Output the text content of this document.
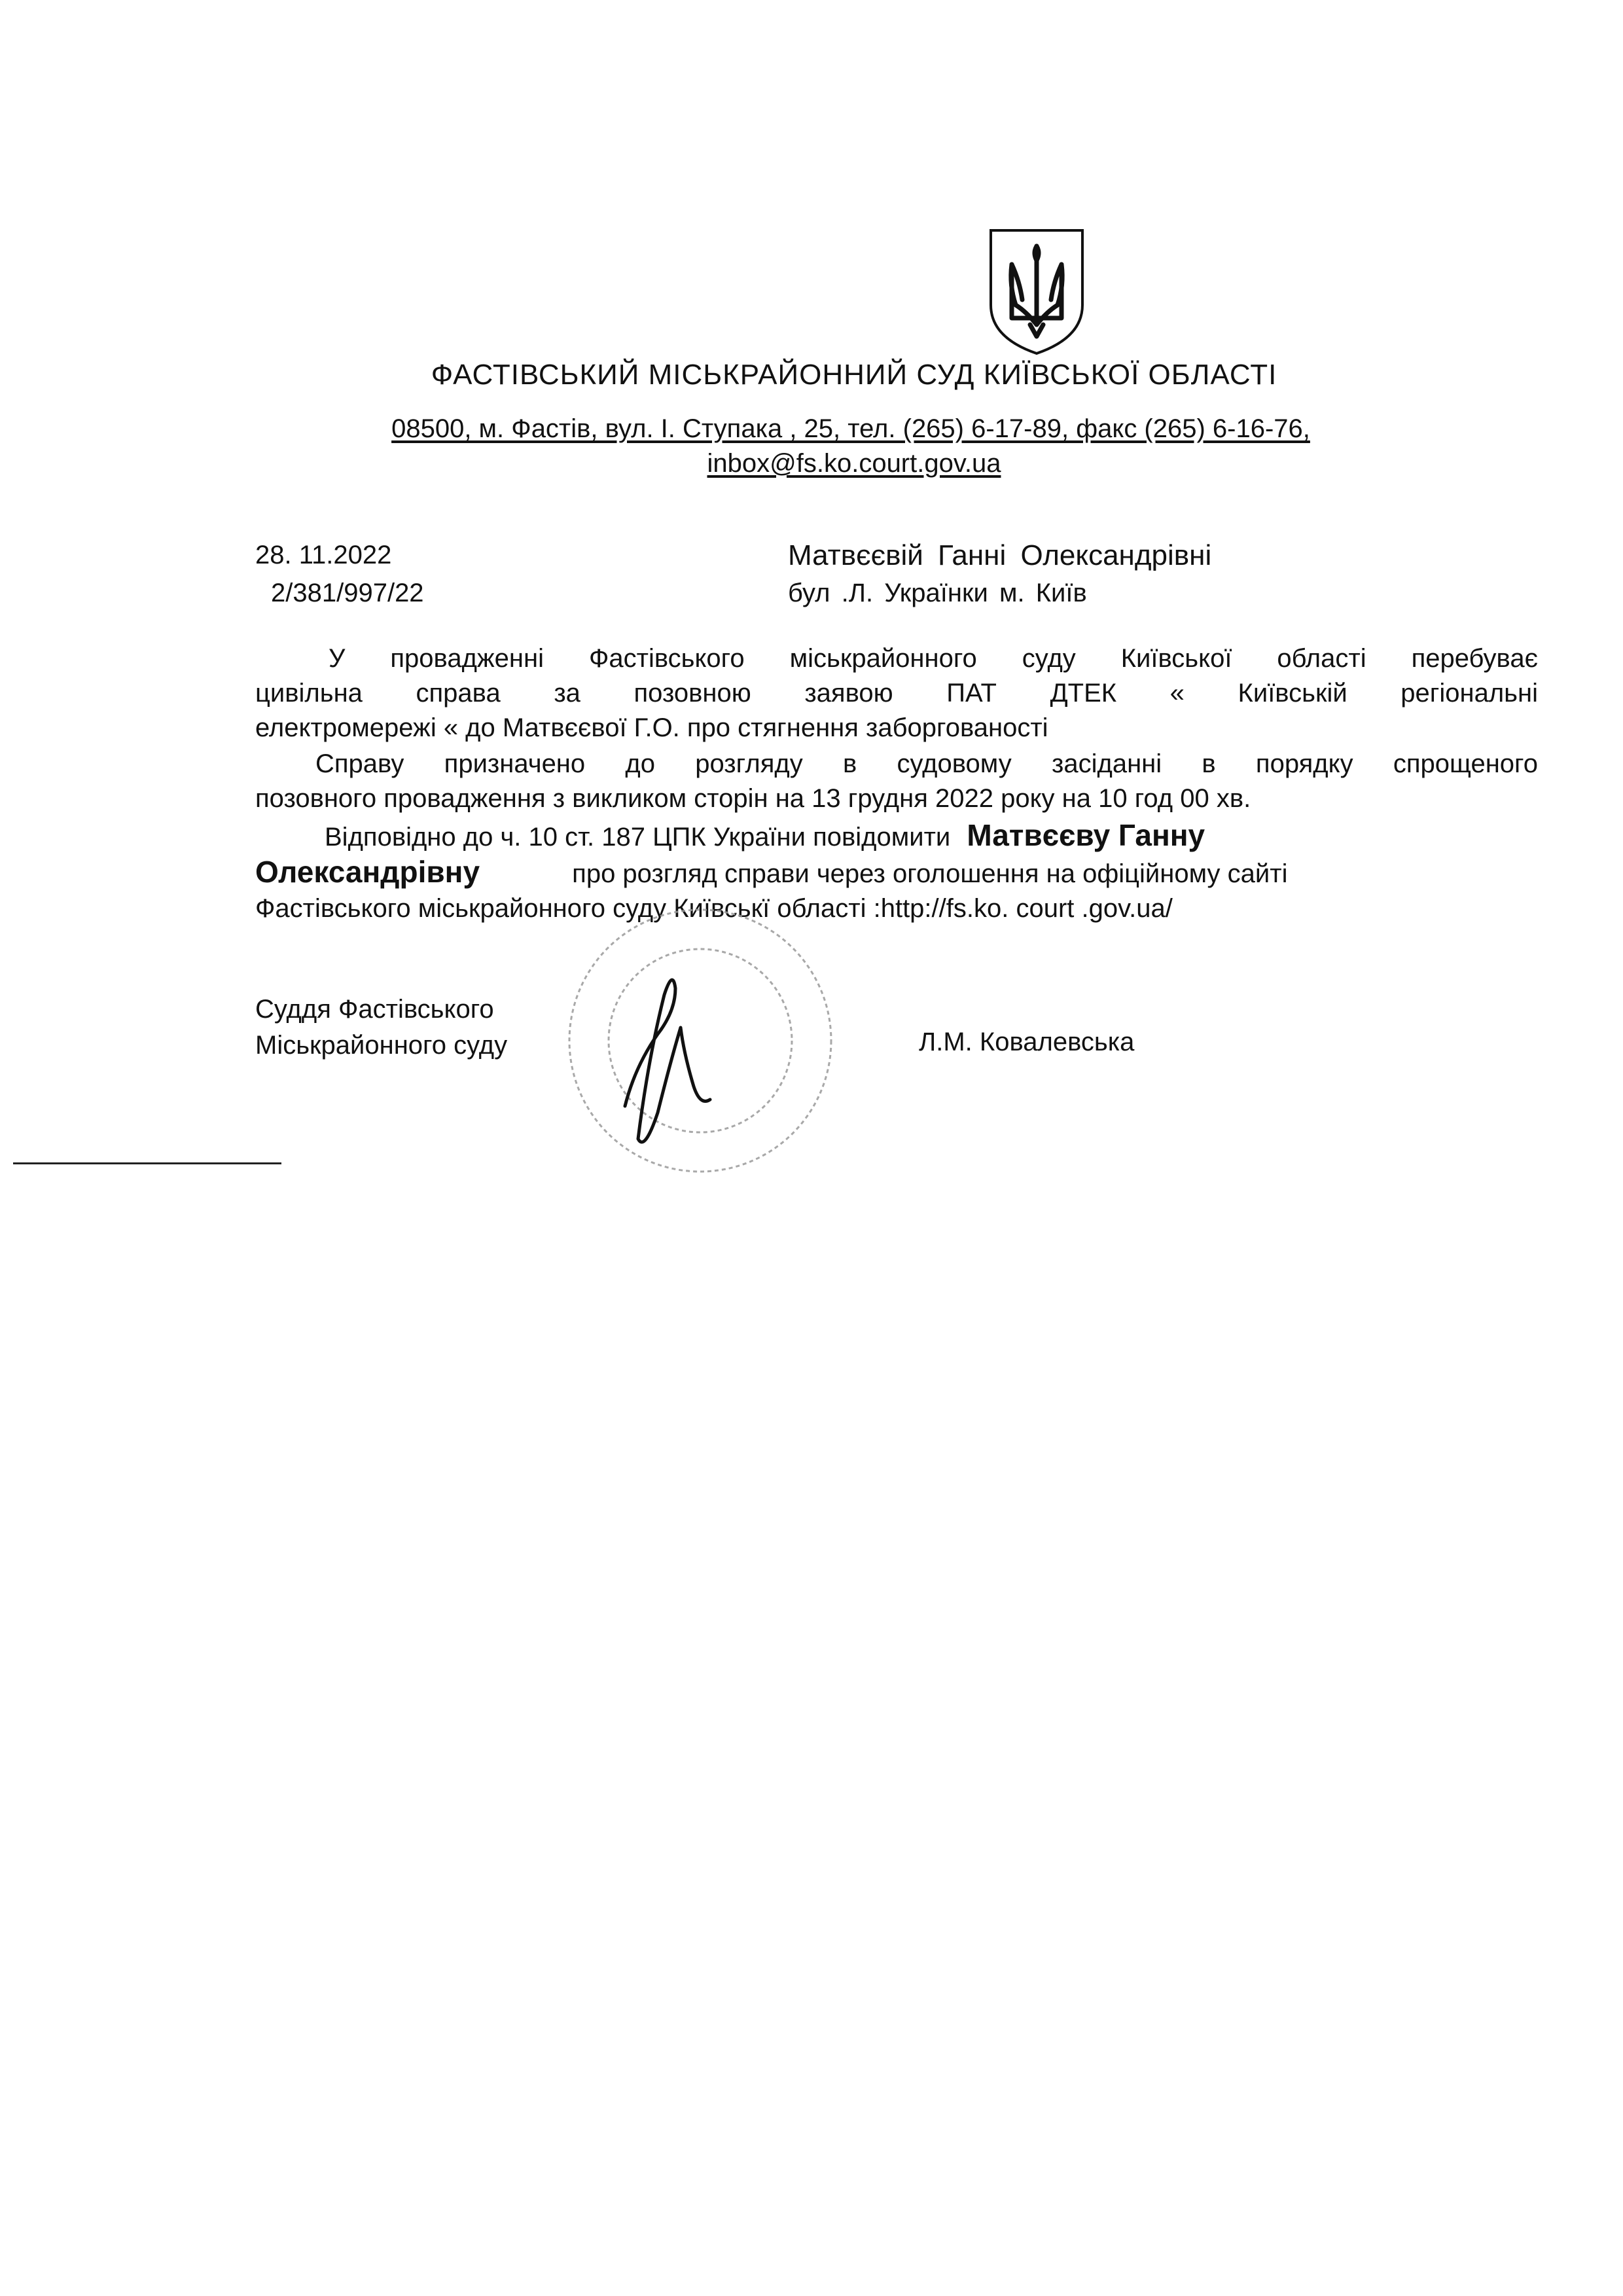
ФАСТІВСЬКИЙ МІСЬКРАЙОННИЙ СУД КИЇВСЬКОЇ ОБЛАСТІ
08500, м. Фастів, вул. І. Ступака , 25, тел. (265) 6-17-89, факс (265) 6-16-76,
inbox@fs.ko.court.gov.ua
28. 11.2022
2/381/997/22
Матвєєвій Ганні Олександрівні
бул .Л. Українки м. Київ
У провадженні Фастівського міськрайонного суду Київської області перебуває
цивільна справа за позовною заявою ПАТ ДТЕК « Київській регіональні
електромережі « до Матвєєвої Г.О. про стягнення заборгованості
Справу призначено до розгляду в судовому засіданні в порядку спрощеного
позовного провадження з викликом сторін на 13 грудня 2022 року на 10 год 00 хв.
Відповідно до ч. 10 ст. 187 ЦПК України повідомити Матвєєву Ганну
Олександрівну	про розгляд справи через оголошення на офіційному сайті
Фастівського міськрайонного суду Київськї області :http://fs.ko. court .gov.ua/
Суддя Фастівського
Міськрайонного суду	Л.М. Ковалевська
